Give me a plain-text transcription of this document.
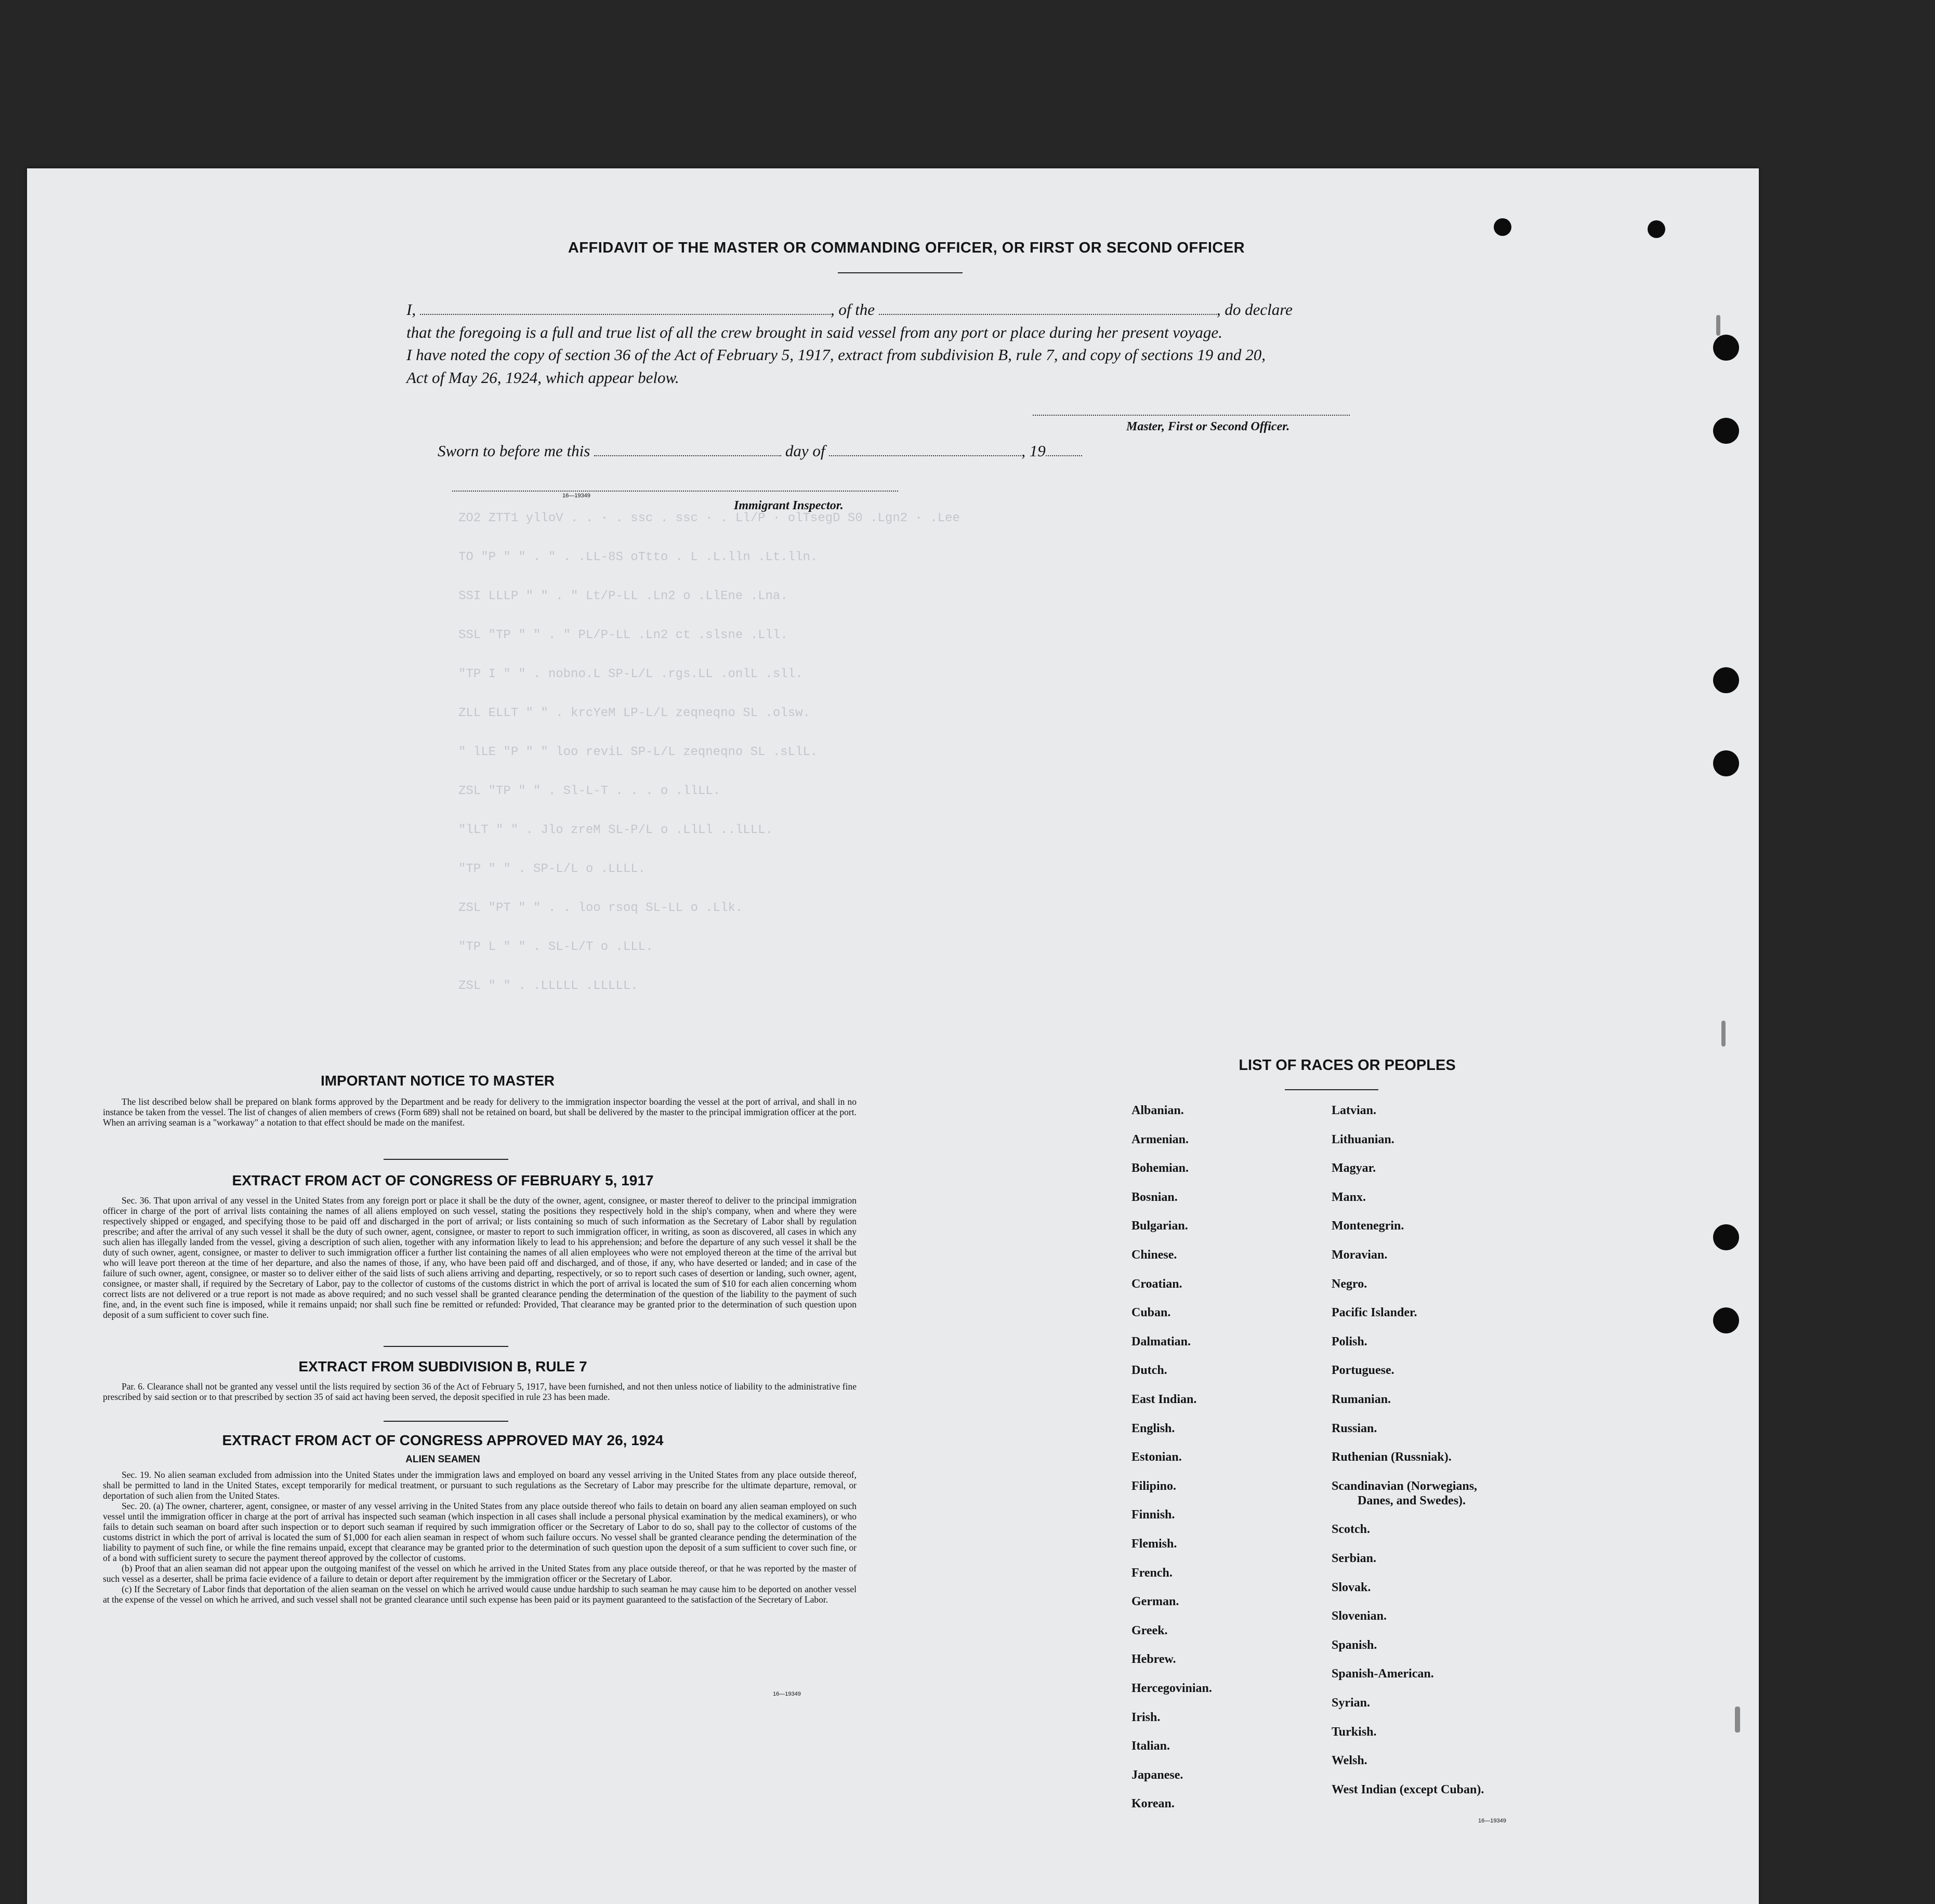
AFFIDAVIT OF THE MASTER OR COMMANDING OFFICER, OR FIRST OR SECOND OFFICER
I,	, of the	, do declare
that the foregoing is a full and true list of all the crew brought in said vessel from any port or place during her present voyage.
I have noted the copy of section 36 of the Act of February 5, 1917, extract from subdivision B, rule 7, and copy of sections 19 and 20,
Act of May 26, 1924, which appear below.
Master, First or Second Officer.
Sworn to before me this	day of	, 19
16—19349
Immigrant Inspector.
ZO2 ZTT1 ylloV . . · . ssc . ssc · . Ll/P · olTsegD S0 .Lgn2 · .Lee
TO "P " " . " . .LL-8S oTtto . L .L.lln .Lt.lln.
SSI LLLP " " . " Lt/P-LL .Ln2 o .LlEne .Lna.
SSL "TP " " . " PL/P-LL .Ln2 ct .slsne .Lll.
"TP I " " . nobno.L SP-L/L .rgs.LL .onlL .sll.
ZLL ELLT " " . krcYeM LP-L/L zeqneqno SL .olsw.
" lLE "P " " loo reviL SP-L/L zeqneqno SL .sLlL.
ZSL "TP " " . Sl-L-T . . . o .llLL.
"lLT " " . Jlo zreM SL-P/L o .LlLl ..lLLL.
"TP " " . SP-L/L o .LLLL.
ZSL "PT " " . . loo rsoq SL-LL o .Llk.
"TP L " " . SL-L/T o .LLL.
ZSL " " . .LLLLL .LLLLL.
IMPORTANT NOTICE TO MASTER

The list described below shall be prepared on blank forms approved by the Department and be ready for delivery to the immigration inspector boarding the vessel at the port of arrival, and shall in no instance be taken from the vessel. The list of changes of alien members of crews (Form 689) shall not be retained on board, but shall be delivered by the master to the principal immigration officer at the port. When an arriving seaman is a "workaway" a notation to that effect should be made on the manifest.

EXTRACT FROM ACT OF CONGRESS OF FEBRUARY 5, 1917

Sec. 36. That upon arrival of any vessel in the United States from any foreign port or place it shall be the duty of the owner, agent, consignee, or master thereof to deliver to the principal immigration officer in charge of the port of arrival lists containing the names of all aliens employed on such vessel, stating the positions they respectively hold in the ship's company, when and where they were respectively shipped or engaged, and specifying those to be paid off and discharged in the port of arrival; or lists containing so much of such information as the Secretary of Labor shall by regulation prescribe; and after the arrival of any such vessel it shall be the duty of such owner, agent, consignee, or master to report to such immigration officer, in writing, as soon as discovered, all cases in which any such alien has illegally landed from the vessel, giving a description of such alien, together with any information likely to lead to his apprehension; and before the departure of any such vessel it shall be the duty of such owner, agent, consignee, or master to deliver to such immigration officer a further list containing the names of all alien employees who were not employed thereon at the time of the arrival but who will leave port thereon at the time of her departure, and also the names of those, if any, who have been paid off and discharged, and of those, if any, who have deserted or landed; and in case of the failure of such owner, agent, consignee, or master so to deliver either of the said lists of such aliens arriving and departing, respectively, or so to report such cases of desertion or landing, such owner, agent, consignee, or master shall, if required by the Secretary of Labor, pay to the collector of customs of the customs district in which the port of arrival is located the sum of $10 for each alien concerning whom correct lists are not delivered or a true report is not made as above required; and no such vessel shall be granted clearance pending the determination of the question of the liability to the payment of such fine, and, in the event such fine is imposed, while it remains unpaid; nor shall such fine be remitted or refunded: Provided, That clearance may be granted prior to the determination of such question upon deposit of a sum sufficient to cover such fine.

EXTRACT FROM SUBDIVISION B, RULE 7

Par. 6. Clearance shall not be granted any vessel until the lists required by section 36 of the Act of February 5, 1917, have been furnished, and not then unless notice of liability to the administrative fine prescribed by said section or to that prescribed by section 35 of said act having been served, the deposit specified in rule 23 has been made.

EXTRACT FROM ACT OF CONGRESS APPROVED MAY 26, 1924
ALIEN SEAMEN

Sec. 19. No alien seaman excluded from admission into the United States under the immigration laws and employed on board any vessel arriving in the United States from any place outside thereof, shall be permitted to land in the United States, except temporarily for medical treatment, or pursuant to such regulations as the Secretary of Labor may prescribe for the ultimate departure, removal, or deportation of such alien from the United States.

Sec. 20. (a) The owner, charterer, agent, consignee, or master of any vessel arriving in the United States from any place outside thereof who fails to detain on board any alien seaman employed on such vessel until the immigration officer in charge at the port of arrival has inspected such seaman (which inspection in all cases shall include a personal physical examination by the medical examiners), or who fails to detain such seaman on board after such inspection or to deport such seaman if required by such immigration officer or the Secretary of Labor to do so, shall pay to the collector of customs of the customs district in which the port of arrival is located the sum of $1,000 for each alien seaman in respect of whom such failure occurs. No vessel shall be granted clearance pending the determination of the liability to payment of such fine, or while the fine remains unpaid, except that clearance may be granted prior to the determination of such question upon the deposit of a sum sufficient to cover such fine, or of a bond with sufficient surety to secure the payment thereof approved by the collector of customs.

(b) Proof that an alien seaman did not appear upon the outgoing manifest of the vessel on which he arrived in the United States from any place outside thereof, or that he was reported by the master of such vessel as a deserter, shall be prima facie evidence of a failure to detain or deport after requirement by the immigration officer or the Secretary of Labor.

(c) If the Secretary of Labor finds that deportation of the alien seaman on the vessel on which he arrived would cause undue hardship to such seaman he may cause him to be deported on another vessel at the expense of the vessel on which he arrived, and such vessel shall not be granted clearance until such expense has been paid or its payment guaranteed to the satisfaction of the Secretary of Labor.

16—19349
LIST OF RACES OR PEOPLES
Albanian.
Armenian.
Bohemian.
Bosnian.
Bulgarian.
Chinese.
Croatian.
Cuban.
Dalmatian.
Dutch.
East Indian.
English.
Estonian.
Filipino.
Finnish.
Flemish.
French.
German.
Greek.
Hebrew.
Hercegovinian.
Irish.
Italian.
Japanese.
Korean.
Latvian.
Lithuanian.
Magyar.
Manx.
Montenegrin.
Moravian.
Negro.
Pacific Islander.
Polish.
Portuguese.
Rumanian.
Russian.
Ruthenian (Russniak).
Scandinavian (Norwegians,
Danes, and Swedes).
Scotch.
Serbian.
Slovak.
Slovenian.
Spanish.
Spanish-American.
Syrian.
Turkish.
Welsh.
West Indian (except Cuban).
16—19349
